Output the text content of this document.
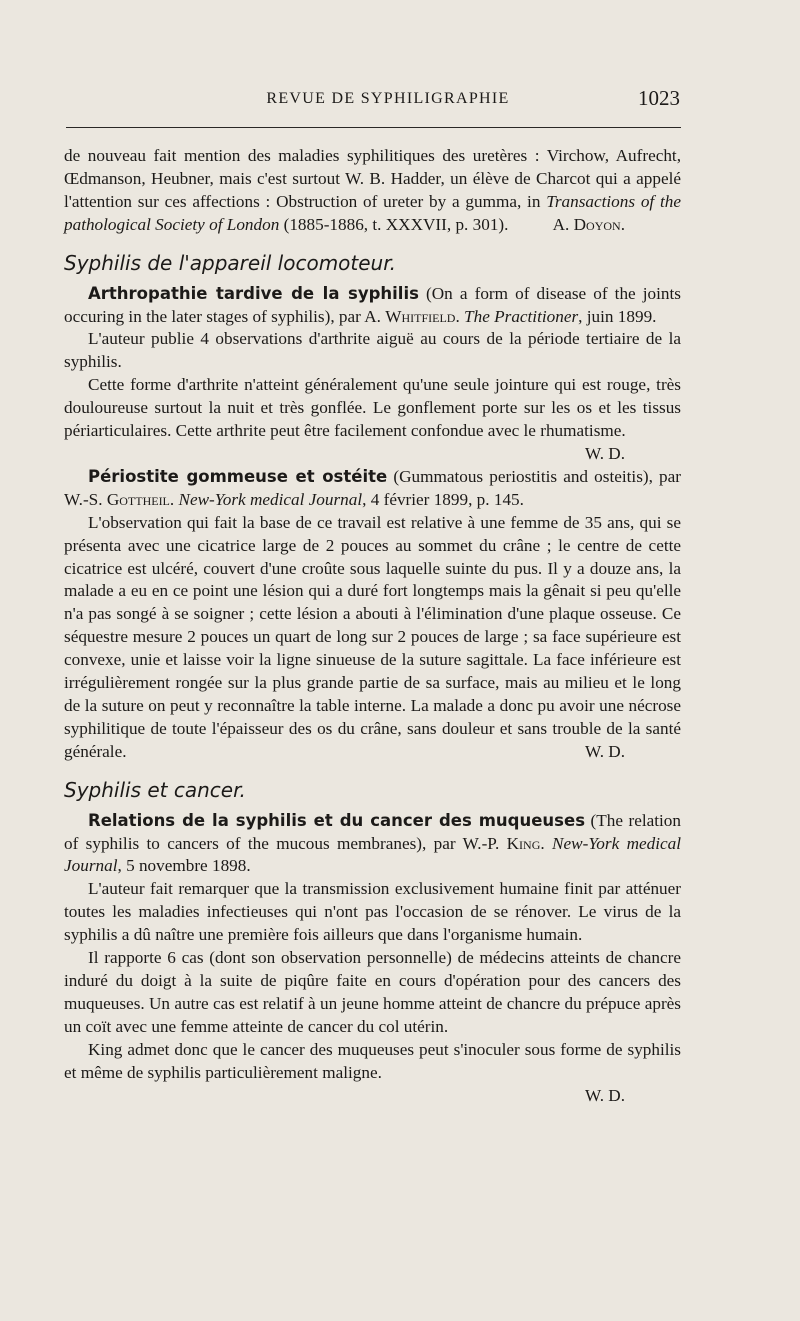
REVUE DE SYPHILIGRAPHIE	1023

de nouveau fait mention des maladies syphilitiques des uretères : Virchow, Aufrecht, Œdmanson, Heubner, mais c'est surtout W. B. Hadder, un élève de Charcot qui a appelé l'attention sur ces affections : Obstruction of ureter by a gumma, in Transactions of the pathological Society of London (1885-1886, t. XXXVII, p. 301).	A. Doyon.

Syphilis de l'appareil locomoteur.

Arthropathie tardive de la syphilis (On a form of disease of the joints occuring in the later stages of syphilis), par A. Whitfield. The Practitioner, juin 1899.

L'auteur publie 4 observations d'arthrite aiguë au cours de la période tertiaire de la syphilis.

Cette forme d'arthrite n'atteint généralement qu'une seule jointure qui est rouge, très douloureuse surtout la nuit et très gonflée. Le gonflement porte sur les os et les tissus périarticulaires. Cette arthrite peut être facilement confondue avec le rhumatisme.
W. D.

Périostite gommeuse et ostéite (Gummatous periostitis and osteitis), par W.-S. Gottheil. New-York medical Journal, 4 février 1899, p. 145.

L'observation qui fait la base de ce travail est relative à une femme de 35 ans, qui se présenta avec une cicatrice large de 2 pouces au sommet du crâne ; le centre de cette cicatrice est ulcéré, couvert d'une croûte sous laquelle suinte du pus. Il y a douze ans, la malade a eu en ce point une lésion qui a duré fort longtemps mais la gênait si peu qu'elle n'a pas songé à se soigner ; cette lésion a abouti à l'élimination d'une plaque osseuse. Ce séquestre mesure 2 pouces un quart de long sur 2 pouces de large ; sa face supérieure est convexe, unie et laisse voir la ligne sinueuse de la suture sagittale. La face inférieure est irrégulièrement rongée sur la plus grande partie de sa surface, mais au milieu et le long de la suture on peut y reconnaître la table interne. La malade a donc pu avoir une nécrose syphilitique de toute l'épaisseur des os du crâne, sans douleur et sans trouble de la santé générale.	W. D.

Syphilis et cancer.

Relations de la syphilis et du cancer des muqueuses (The relation of syphilis to cancers of the mucous membranes), par W.-P. King. New-York medical Journal, 5 novembre 1898.

L'auteur fait remarquer que la transmission exclusivement humaine finit par atténuer toutes les maladies infectieuses qui n'ont pas l'occasion de se rénover. Le virus de la syphilis a dû naître une première fois ailleurs que dans l'organisme humain.

Il rapporte 6 cas (dont son observation personnelle) de médecins atteints de chancre induré du doigt à la suite de piqûre faite en cours d'opération pour des cancers des muqueuses. Un autre cas est relatif à un jeune homme atteint de chancre du prépuce après un coït avec une femme atteinte de cancer du col utérin.

King admet donc que le cancer des muqueuses peut s'inoculer sous forme de syphilis et même de syphilis particulièrement maligne.

W. D.
